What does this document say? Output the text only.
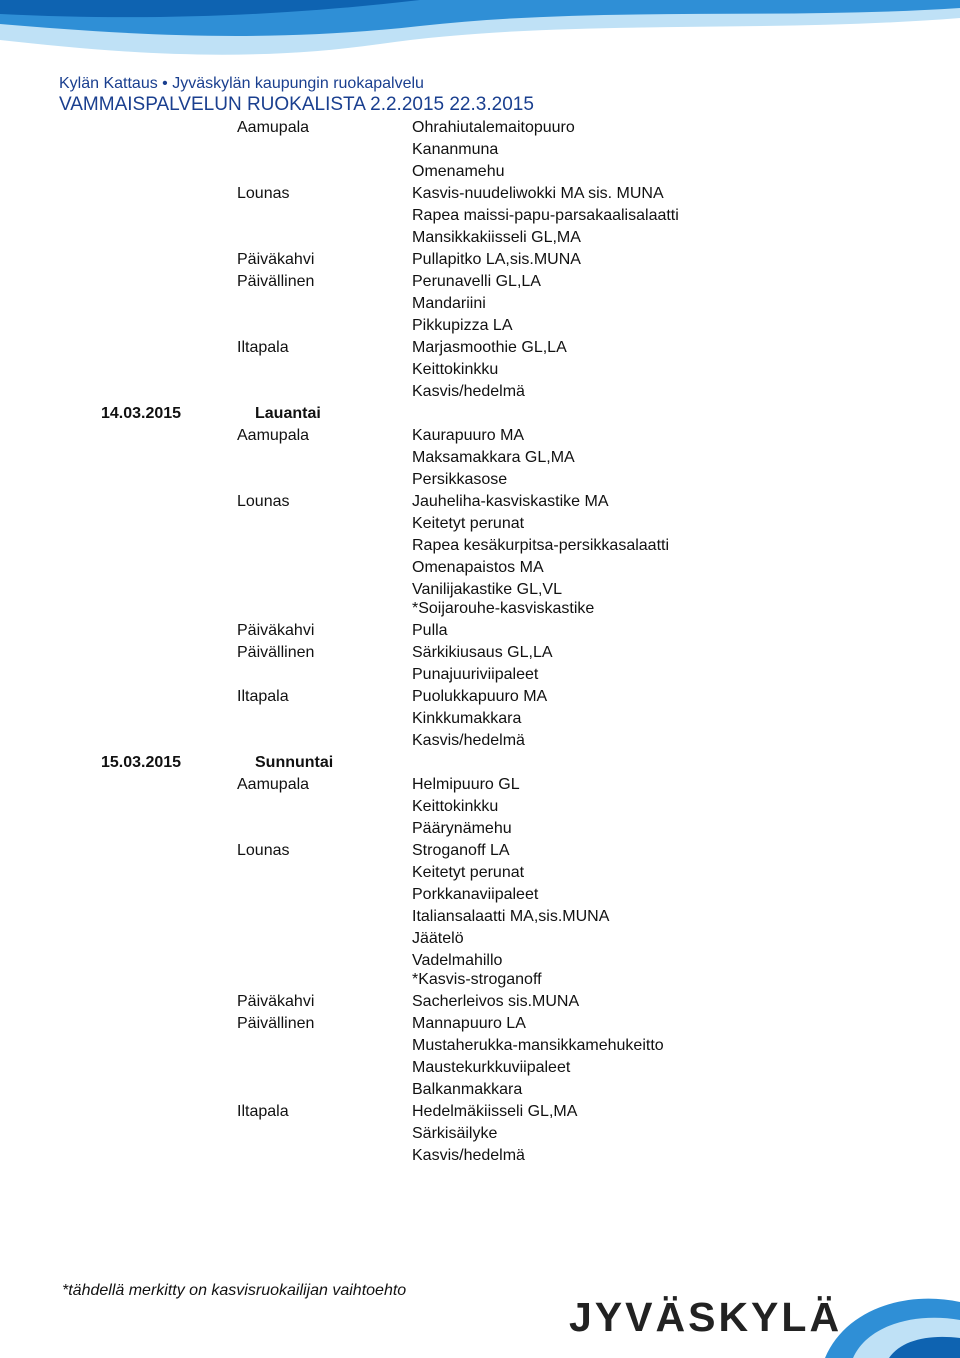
Kylän Kattaus • Jyväskylän kaupungin ruokapalvelu
VAMMAISPALVELUN RUOKALISTA 2.2.2015 22.3.2015
Aamupala	Ohrahiutalemaitopuuro
Kananmuna
Omenamehu
Lounas	Kasvis-nuudeliwokki MA sis. MUNA
Rapea maissi-papu-parsakaalisalaatti
Mansikkakiisseli GL,MA
Päiväkahvi	Pullapitko LA,sis.MUNA
Päivällinen	Perunavelli GL,LA
Mandariini
Pikkupizza LA
Iltapala	Marjasmoothie GL,LA
Keittokinkku
Kasvis/hedelmä
14.03.2015	Lauantai
Aamupala	Kaurapuuro MA
Maksamakkara GL,MA
Persikkasose
Lounas	Jauheliha-kasviskastike MA
Keitetyt perunat
Rapea kesäkurpitsa-persikkasalaatti
Omenapaistos MA
Vanilijakastike GL,VL
*Soijarouhe-kasviskastike
Päiväkahvi	Pulla
Päivällinen	Särkikiusaus GL,LA
Punajuuriviipaleet
Iltapala	Puolukkapuuro MA
Kinkkumakkara
Kasvis/hedelmä
15.03.2015	Sunnuntai
Aamupala	Helmipuuro GL
Keittokinkku
Päärynämehu
Lounas	Stroganoff LA
Keitetyt perunat
Porkkanaviipaleet
Italiansalaatti MA,sis.MUNA
Jäätelö
Vadelmahillo
*Kasvis-stroganoff
Päiväkahvi	Sacherleivos sis.MUNA
Päivällinen	Mannapuuro LA
Mustaherukka-mansikkamehukeitto
Maustekurkkuviipaleet
Balkanmakkara
Iltapala	Hedelmäkiisseli GL,MA
Särkisäilyke
Kasvis/hedelmä
*tähdellä merkitty on kasvisruokailijan vaihtoehto
JYVÄSKYLÄ
